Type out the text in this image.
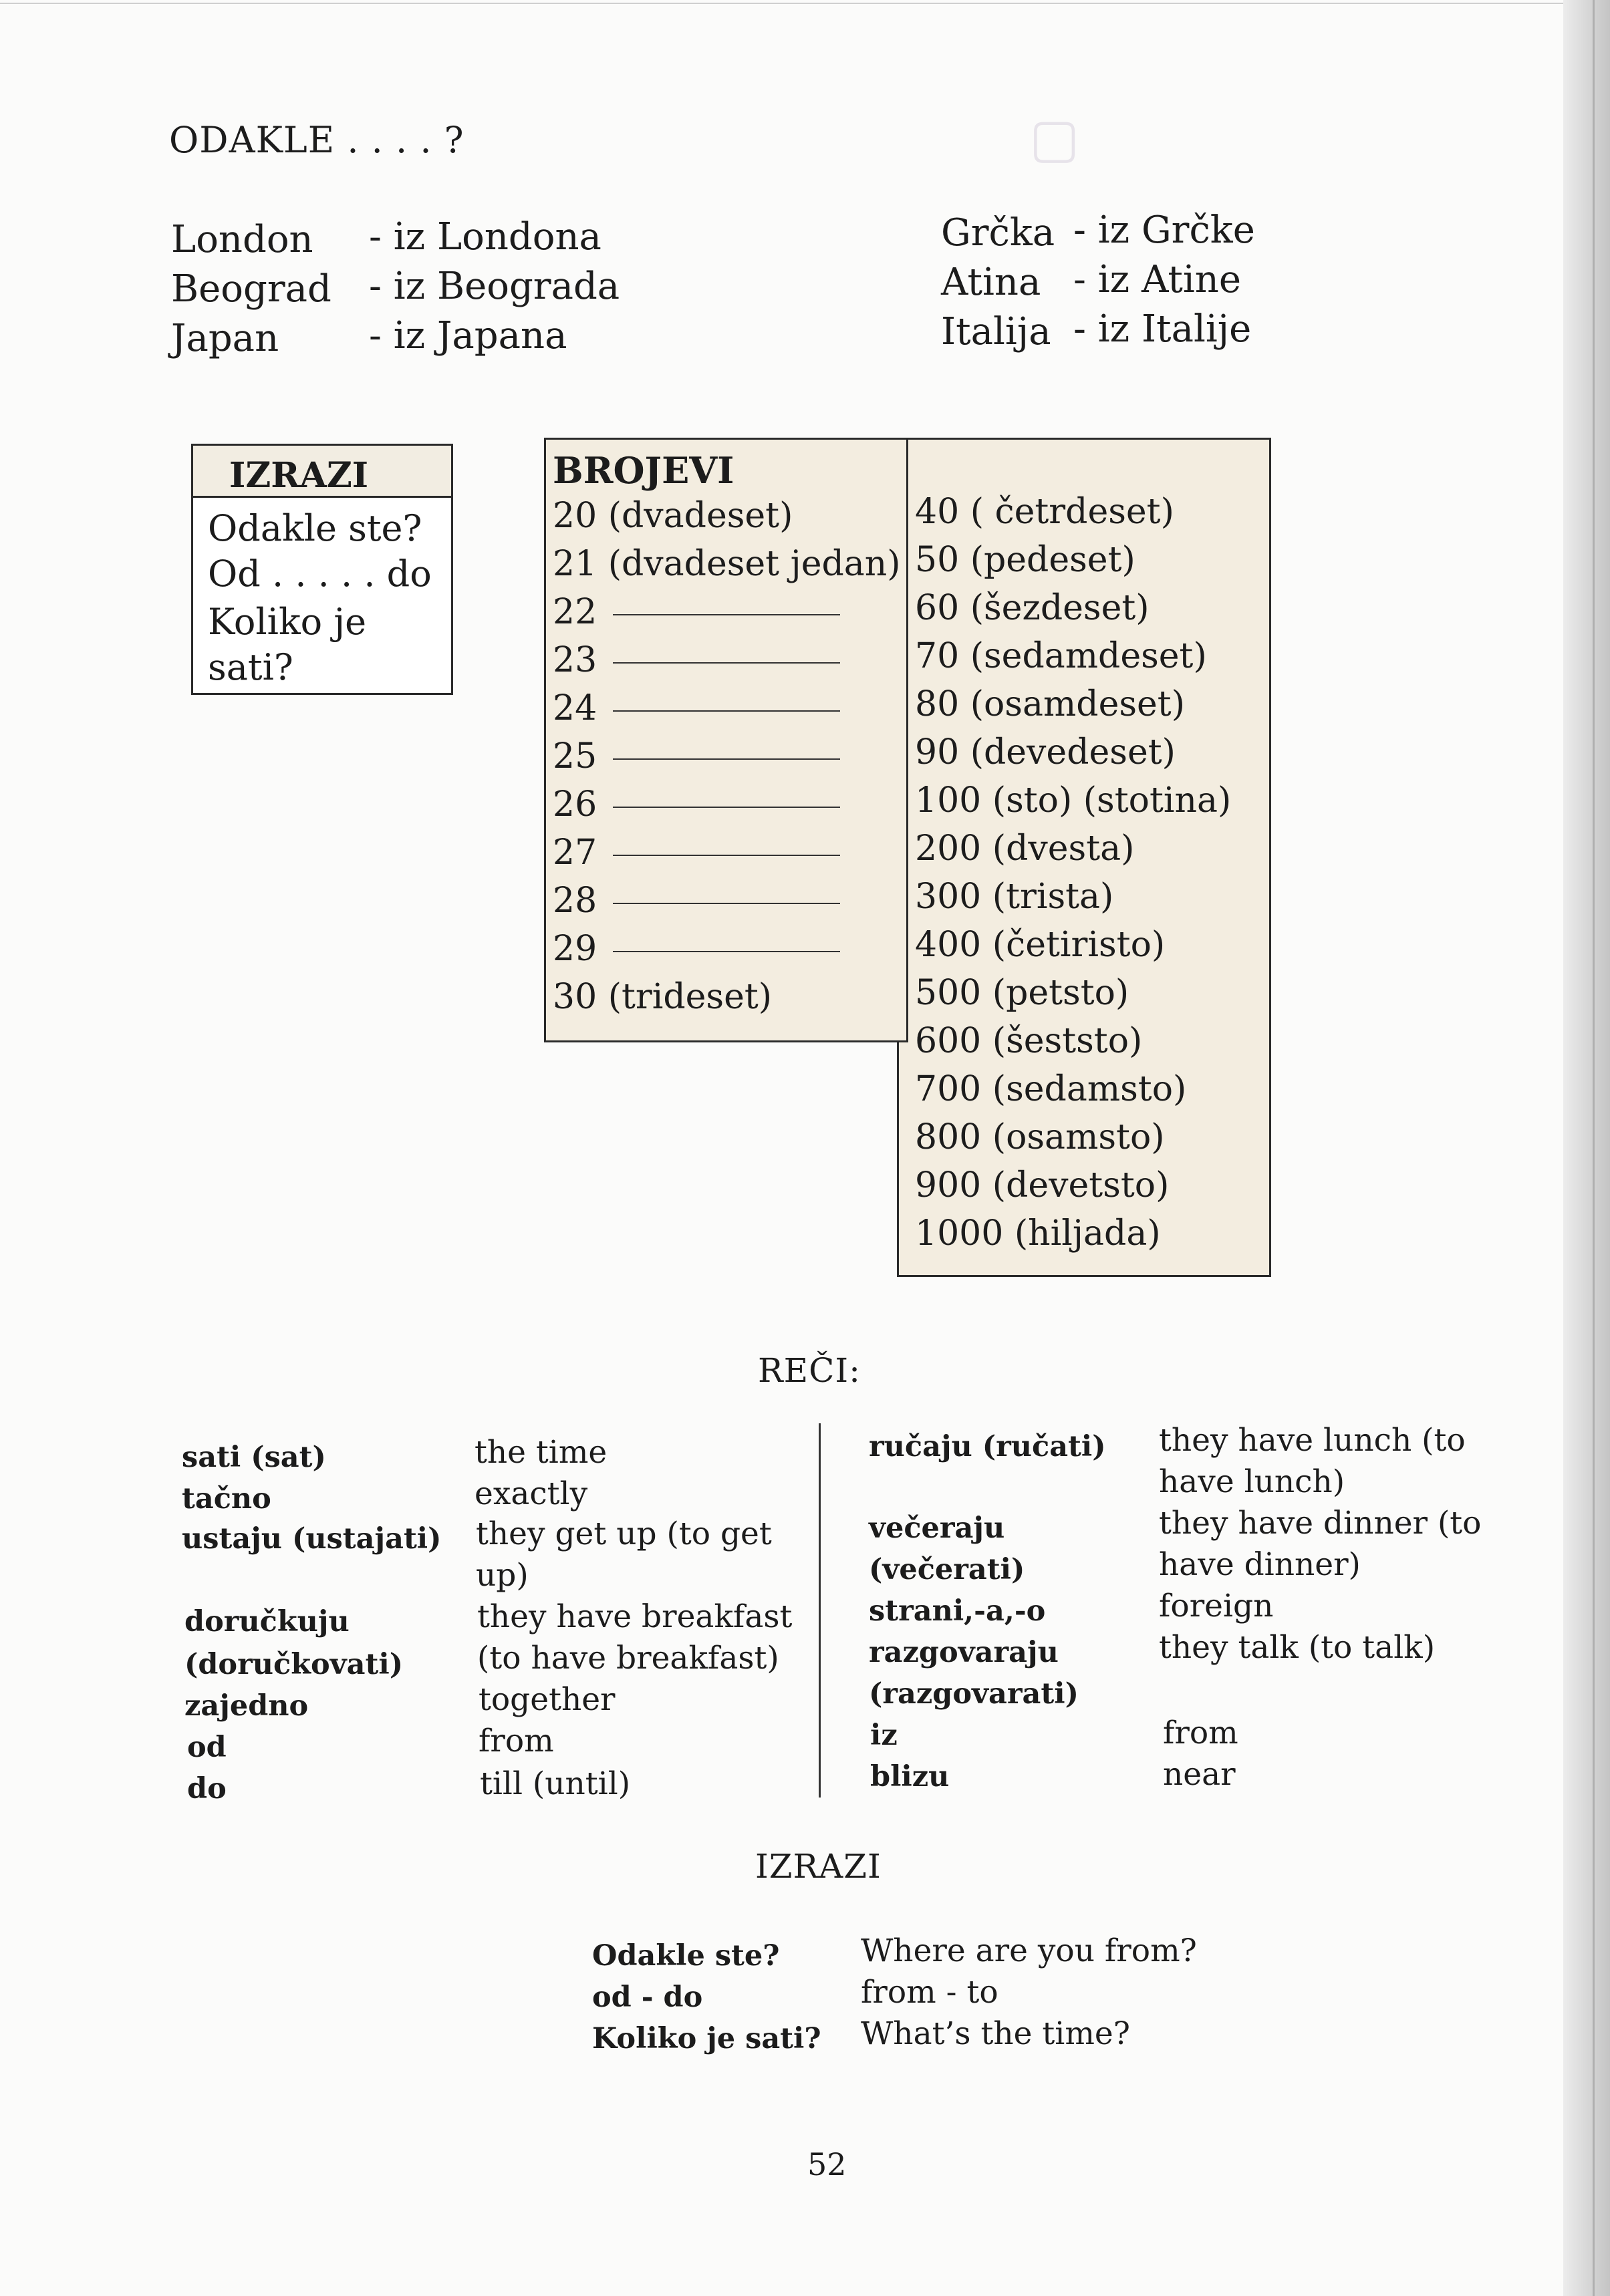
▢
ODAKLE . . . . ?
London - iz Londona
Beograd - iz Beograda
Japan - iz Japana
Grčka - iz Grčke
Atina - iz Atine
Italija - iz Italije
IZRAZI
Odakle ste?
Od . . . . . do
Koliko je
sati?
40 ( četrdeset)
50 (pedeset)
60 (šezdeset)
70 (sedamdeset)
80 (osamdeset)
90 (devedeset)
100 (sto) (stotina)
200 (dvesta)
300 (trista)
400 (četiristo)
500 (petsto)
600 (šeststo)
700 (sedamsto)
800 (osamsto)
900 (devetsto)
1000 (hiljada)
BROJEVI
20 (dvadeset)
21 (dvadeset jedan)
22
23
24
25
26
27
28
29
30 (trideset)
REČI:
sati (sat)
tačno
ustaju (ustajati)
doručkuju
(doručkovati)
zajedno
od
do
the time
exactly
they get up (to get
up)
they have breakfast
(to have breakfast)
together
from
till (until)
ručaju (ručati)
večeraju
(večerati)
strani,-a,-o
razgovaraju
(razgovarati)
iz
blizu
they have lunch (to
have lunch)
they have dinner (to
have dinner)
foreign
they talk (to talk)
from
near
IZRAZI
Odakle ste?
od - do
Koliko je sati?
Where are you from?
from - to
What’s the time?
52
